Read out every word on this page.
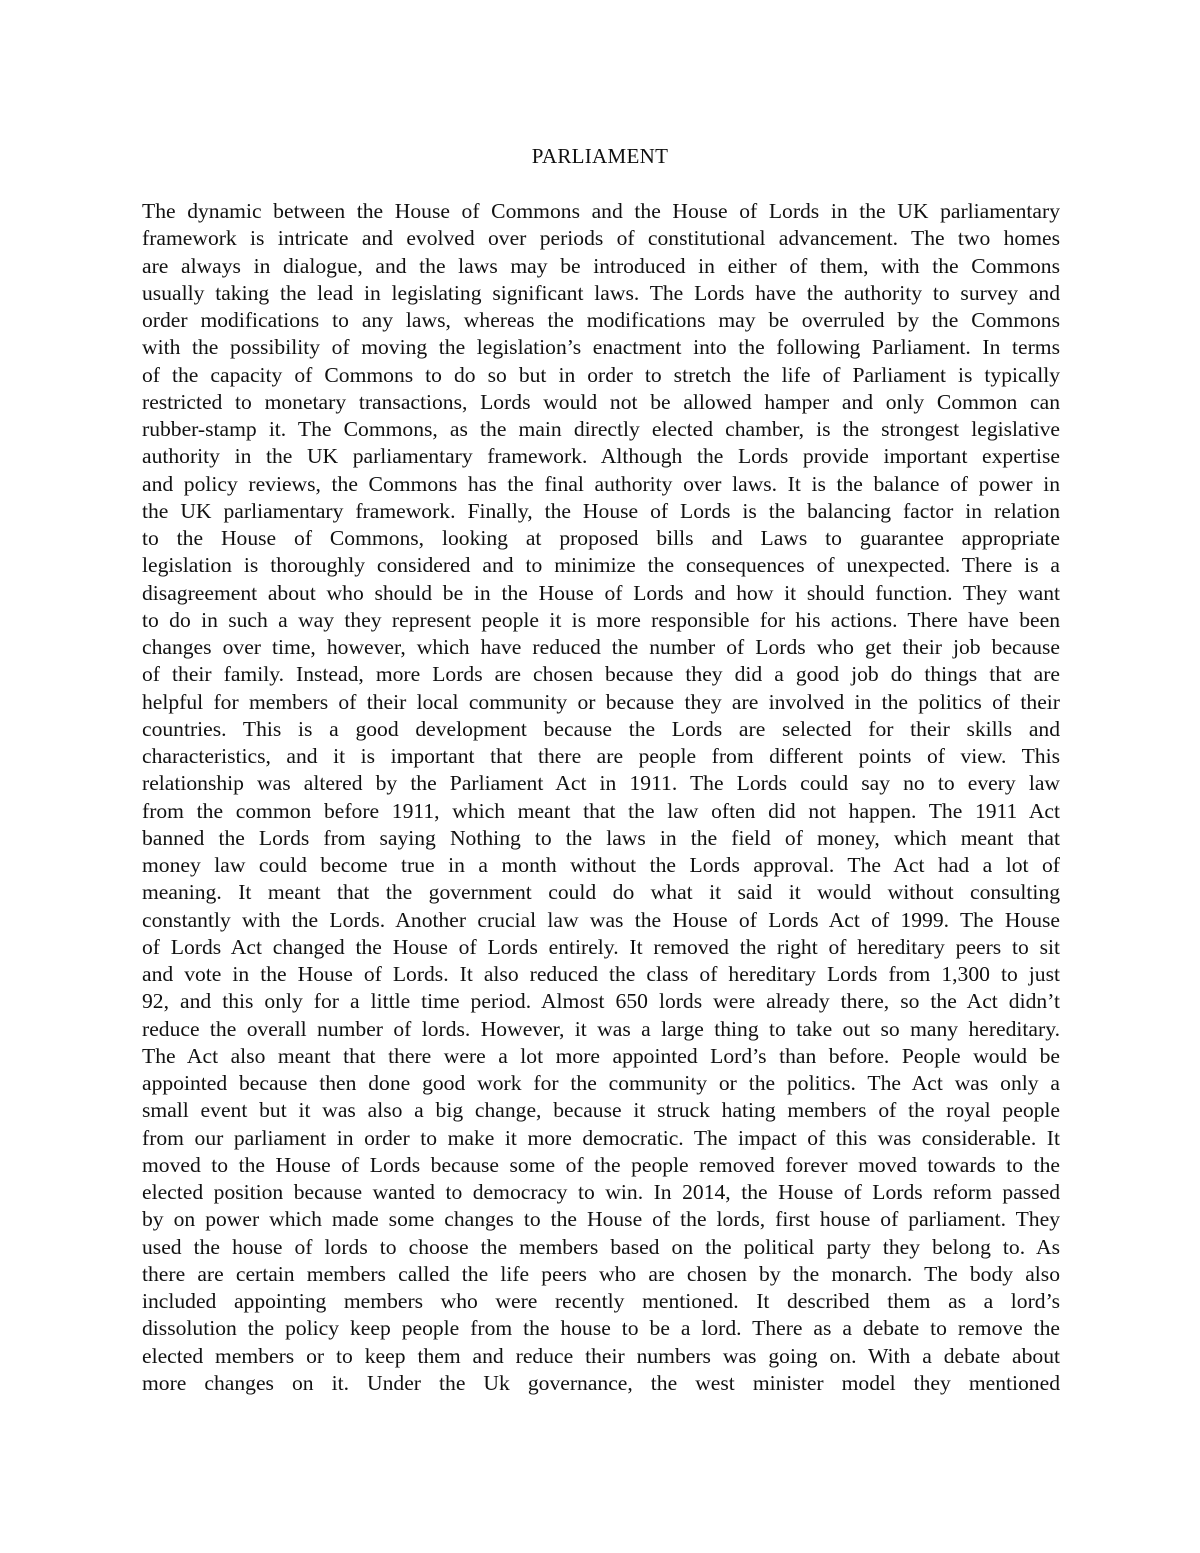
PARLIAMENT
The dynamic between the House of Commons and the House of Lords in the UK parliamentary
framework is intricate and evolved over periods of constitutional advancement. The two homes
are always in dialogue, and the laws may be introduced in either of them, with the Commons
usually taking the lead in legislating significant laws. The Lords have the authority to survey and
order modifications to any laws, whereas the modifications may be overruled by the Commons
with the possibility of moving the legislation’s enactment into the following Parliament. In terms
of the capacity of Commons to do so but in order to stretch the life of Parliament is typically
restricted to monetary transactions, Lords would not be allowed hamper and only Common can
rubber-stamp it. The Commons, as the main directly elected chamber, is the strongest legislative
authority in the UK parliamentary framework. Although the Lords provide important expertise
and policy reviews, the Commons has the final authority over laws. It is the balance of power in
the UK parliamentary framework. Finally, the House of Lords is the balancing factor in relation
to the House of Commons, looking at proposed bills and Laws to guarantee appropriate
legislation is thoroughly considered and to minimize the consequences of unexpected. There is a
disagreement about who should be in the House of Lords and how it should function. They want
to do in such a way they represent people it is more responsible for his actions. There have been
changes over time, however, which have reduced the number of Lords who get their job because
of their family. Instead, more Lords are chosen because they did a good job do things that are
helpful for members of their local community or because they are involved in the politics of their
countries. This is a good development because the Lords are selected for their skills and
characteristics, and it is important that there are people from different points of view. This
relationship was altered by the Parliament Act in 1911. The Lords could say no to every law
from the common before 1911, which meant that the law often did not happen. The 1911 Act
banned the Lords from saying Nothing to the laws in the field of money, which meant that
money law could become true in a month without the Lords approval. The Act had a lot of
meaning. It meant that the government could do what it said it would without consulting
constantly with the Lords. Another crucial law was the House of Lords Act of 1999. The House
of Lords Act changed the House of Lords entirely. It removed the right of hereditary peers to sit
and vote in the House of Lords. It also reduced the class of hereditary Lords from 1,300 to just
92, and this only for a little time period. Almost 650 lords were already there, so the Act didn’t
reduce the overall number of lords. However, it was a large thing to take out so many hereditary.
The Act also meant that there were a lot more appointed Lord’s than before. People would be
appointed because then done good work for the community or the politics. The Act was only a
small event but it was also a big change, because it struck hating members of the royal people
from our parliament in order to make it more democratic. The impact of this was considerable. It
moved to the House of Lords because some of the people removed forever moved towards to the
elected position because wanted to democracy to win. In 2014, the House of Lords reform passed
by on power which made some changes to the House of the lords, first house of parliament. They
used the house of lords to choose the members based on the political party they belong to. As
there are certain members called the life peers who are chosen by the monarch. The body also
included appointing members who were recently mentioned. It described them as a lord’s
dissolution the policy keep people from the house to be a lord. There as a debate to remove the
elected members or to keep them and reduce their numbers was going on. With a debate about
more changes on it. Under the Uk governance, the west minister model they mentioned
